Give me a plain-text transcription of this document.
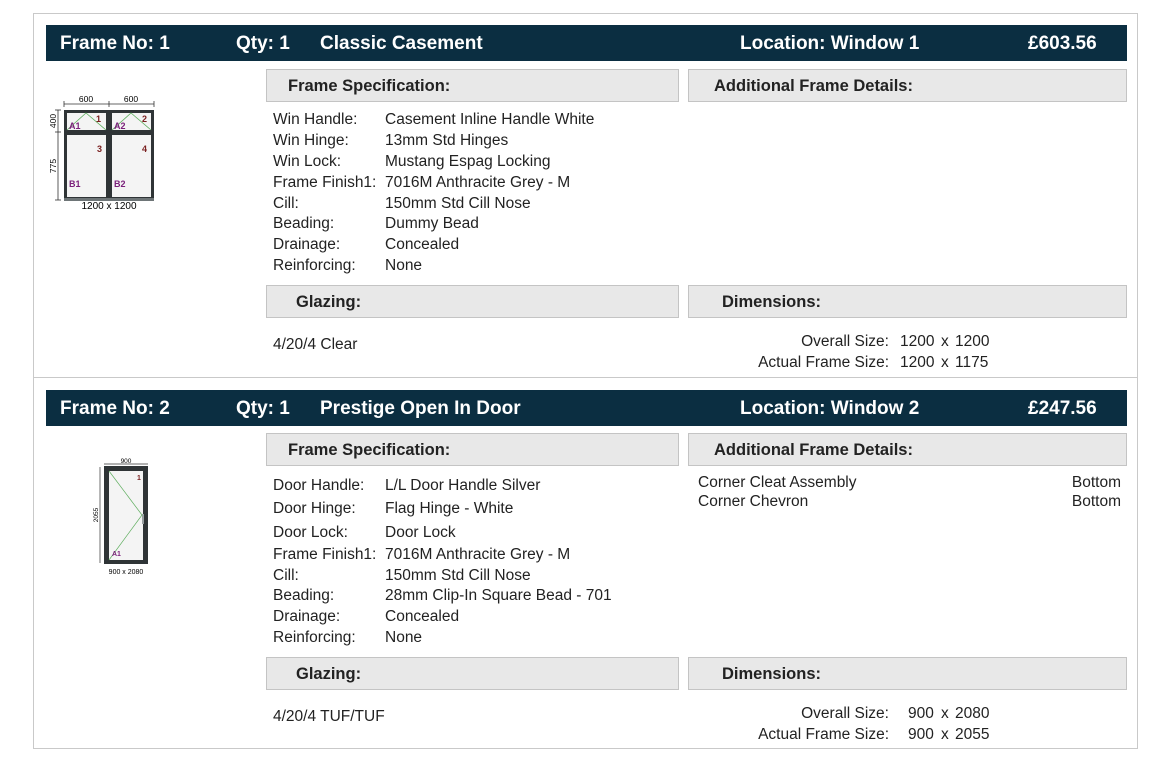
Frame No: 1	Qty: 1 Classic Casement	Location: Window 1	£603.56
600	600
400
775
A1
1
A2
2
3	4
B1	B2
1200 x 1200
Frame Specification:	Additional Frame Details:
Win Handle: Casement Inline Handle White
Win Hinge: 13mm Std Hinges
Win Lock:	Mustang Espag Locking
Frame Finish1: 7016M Anthracite Grey - M
Cill:	150mm Std Cill Nose
Beading:	Dummy Bead
Drainage:	Concealed
Reinforcing: None
Glazing:	Dimensions:
4/20/4 Clear	Overall Size: 1200 x 1200
Actual Frame Size: 1200 x 1175
Frame No: 2	Qty: 1 Prestige Open In Door	Location: Window 2	£247.56
900
2055
1
A1
900 x 2080
Frame Specification:	Additional Frame Details:
Door Handle: L/L Door Handle Silver
Door Hinge: Flag Hinge - White
Door Lock: Door Lock
Frame Finish1: 7016M Anthracite Grey - M
Cill:	150mm Std Cill Nose
Beading:	28mm Clip-In Square Bead - 701
Drainage:	Concealed
Reinforcing: None
Corner Cleat Assembly	Bottom
Corner Chevron	Bottom
Glazing:	Dimensions:
4/20/4 TUF/TUF	Overall Size: 900 x 2080
Actual Frame Size: 900 x 2055
